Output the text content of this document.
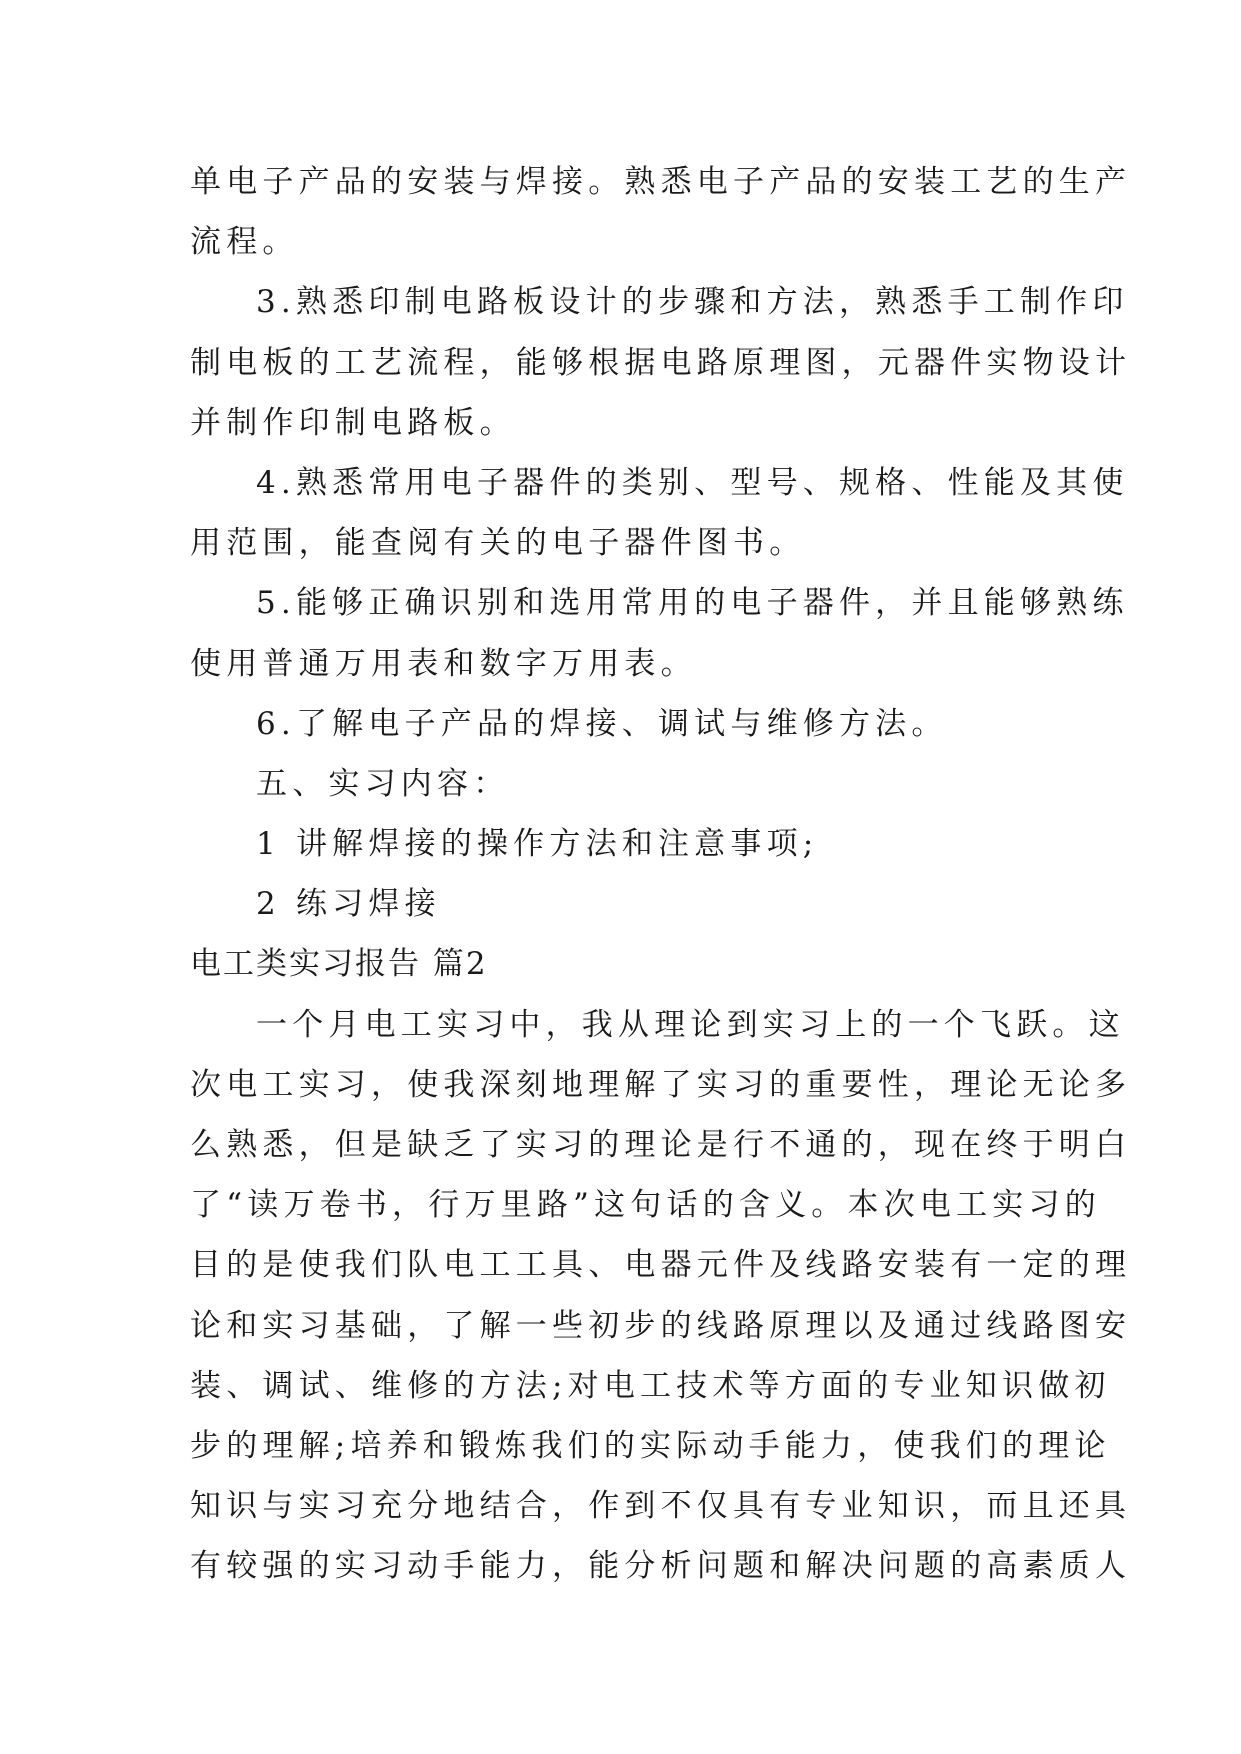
单电子产品的安装与焊接。熟悉电子产品的安装工艺的生产
流程。
3.熟悉印制电路板设计的步骤和方法，熟悉手工制作印
制电板的工艺流程，能够根据电路原理图，元器件实物设计
并制作印制电路板。
4.熟悉常用电子器件的类别、型号、规格、性能及其使
用范围，能查阅有关的电子器件图书。
5.能够正确识别和选用常用的电子器件，并且能够熟练
使用普通万用表和数字万用表。
6.了解电子产品的焊接、调试与维修方法。
五、实习内容：
1 讲解焊接的操作方法和注意事项;
2 练习焊接
电工类实习报告 篇2
一个月电工实习中，我从理论到实习上的一个飞跃。这
次电工实习，使我深刻地理解了实习的重要性，理论无论多
么熟悉，但是缺乏了实习的理论是行不通的，现在终于明白
了“读万卷书，行万里路”这句话的含义。本次电工实习的
目的是使我们队电工工具、电器元件及线路安装有一定的理
论和实习基础，了解一些初步的线路原理以及通过线路图安
装、调试、维修的方法;对电工技术等方面的专业知识做初
步的理解;培养和锻炼我们的实际动手能力，使我们的理论
知识与实习充分地结合，作到不仅具有专业知识，而且还具
有较强的实习动手能力，能分析问题和解决问题的高素质人
